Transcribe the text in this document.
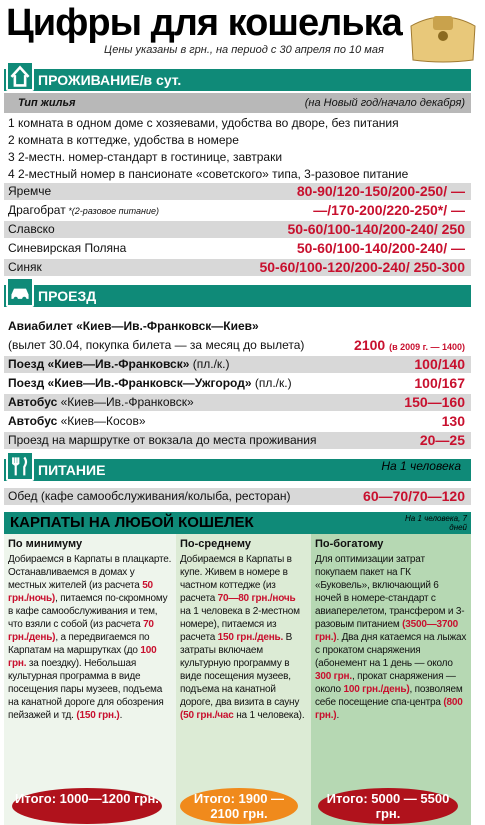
Цифры для кошелька
Цены указаны в грн., на период с 30 апреля по 10 мая
ПРОЖИВАНИЕ/в сут.
Тип жилья	(на Новый год/начало декабря)
1 комната в одном доме с хозяевами, удобства во дворе, без питания
2 комната в коттедже, удобства в номере
3 2-местн. номер-стандарт в гостинице, завтраки
4 2-местный номер в пансионате «советского» типа, 3-разовое питание
Яремче	80-90/120-150/200-250/ —
Драгобрат *(2-разовое питание)	—/170-200/220-250*/ —
Славско	50-60/100-140/200-240/ 250
Синевирская Поляна	50-60/100-140/200-240/ —
Синяк	50-60/100-120/200-240/ 250-300
ПРОЕЗД
Авиабилет «Киев—Ив.-Франковск—Киев»
(вылет 30.04, покупка билета — за месяц до вылета)	2100 (в 2009 г. — 1400)
Поезд «Киев—Ив.-Франковск» (пл./к.)	100/140
Поезд «Киев—Ив.-Франковск—Ужгород» (пл./к.)	100/167
Автобус «Киев—Ив.-Франковск»	150—160
Автобус «Киев—Косов»	130
Проезд на маршрутке от вокзала до места проживания	20—25
ПИТАНИЕ	На 1 человека
Обед (кафе самообслуживания/колыба, ресторан)	60—70/70—120
КАРПАТЫ НА ЛЮБОЙ КОШЕЛЕК	На 1 человека, 7 дней
По минимуму

Добираемся в Карпаты в плацкарте. Останавливаемся в домах у местных жителей (из расчета 50 грн./ночь), питаемся по-скромному в кафе самообслуживания и тем, что взяли с собой (из расчета 70 грн./день), а передвигаемся по Карпатам на маршрутках (до 100 грн. за поездку). Небольшая культурная программа в виде посещения пары музеев, подъема на канатной дороге для обозрения пейзажей и тд. (150 грн.).

Итого: 1000—1200 грн.
По-среднему

Добираемся в Карпаты в купе. Живем в номере в частном коттедже (из расчета 70—80 грн./ночь на 1 человека в 2-местном номере), питаемся из расчета 150 грн./день. В затраты включаем культурную программу в виде посещения музеев, подъема на канатной дороге, два визита в сауну (50 грн./час на 1 человека).

Итого: 1900 — 2100 грн.
По-богатому

Для оптимизации затрат покупаем пакет на ГК «Буковель», включающий 6 ночей в номере-стандарт с авиаперелетом, трансфером и 3-разовым питанием (3500—3700 грн.). Два дня катаемся на лыжах с прокатом снаряжения (абонемент на 1 день — около 300 грн., прокат снаряжения — около 100 грн./день), позволяем себе посещение спа-центра (800 грн.).

Итого: 5000 — 5500 грн.
